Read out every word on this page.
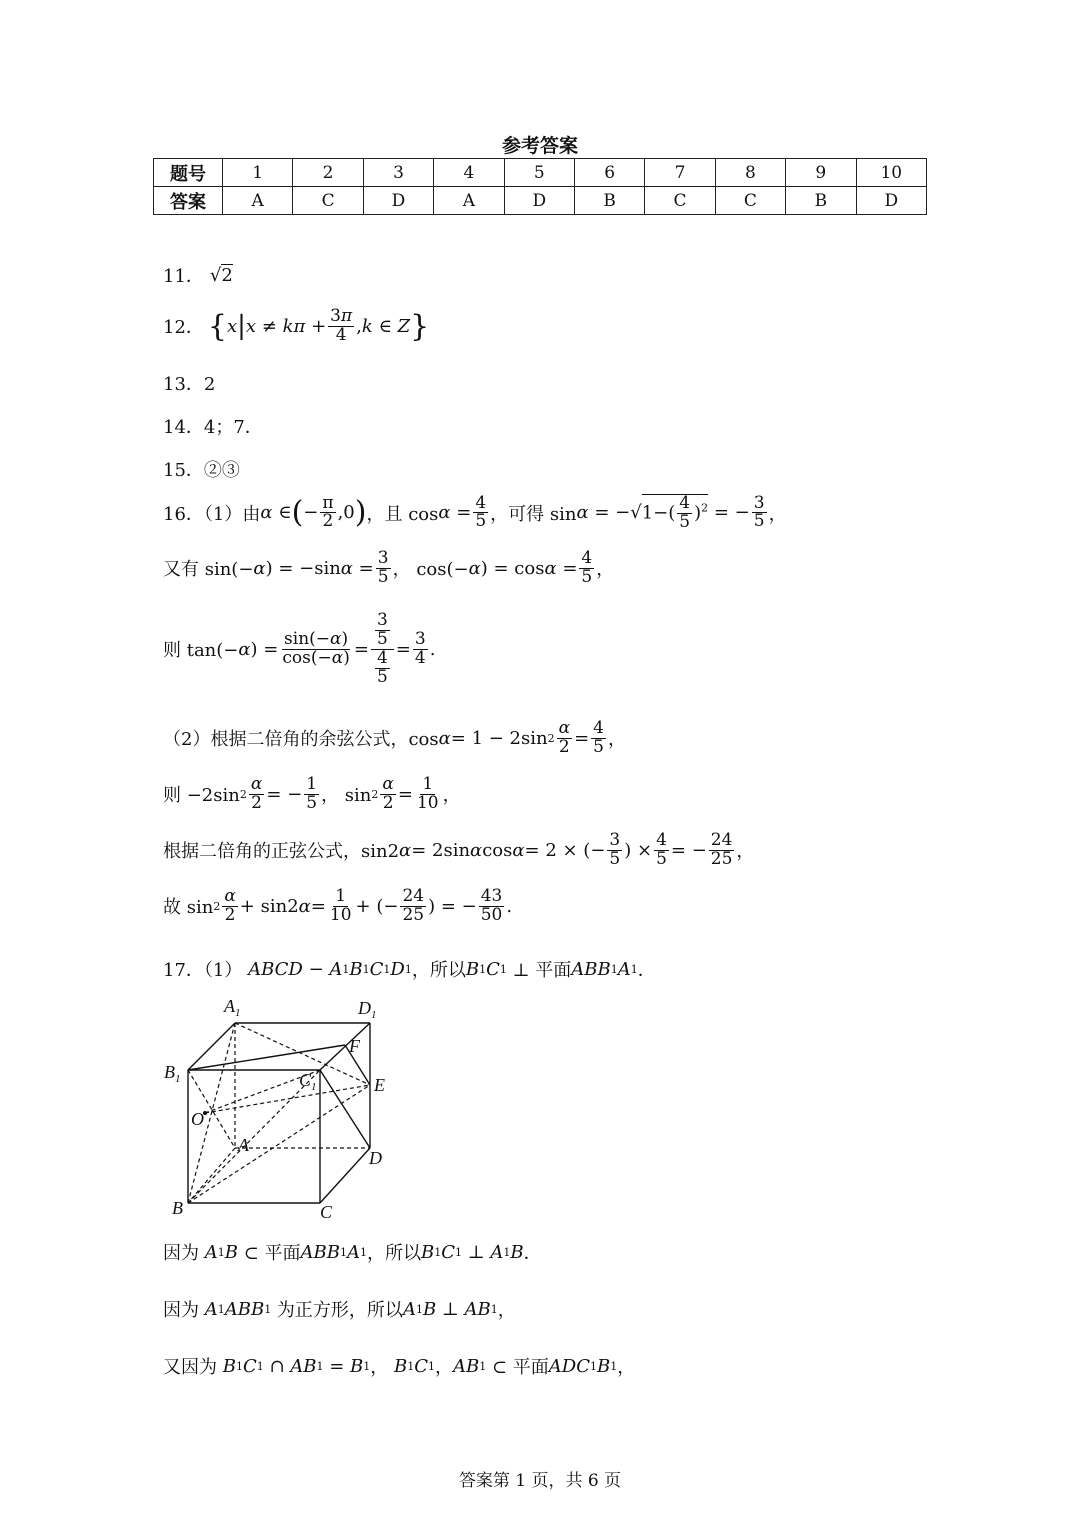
参考答案
题号	1	2	3	4	5	6	7	8	9	10
答案	A	C	D	A	D	B	C	C	B	D
11． √2
12． { x | $x \ne k\pi + \frac{3\pi}{4}$ , k ∈ Z }
13．2
14．4；7．
15．②③
16．（1）由 α ∈ ( − $\frac{\pi}{2} ,0$ ) ，且 $\cos \alpha = \frac{4}{5}$ ，可得 sin α = −√ $1-( \frac{4}{5} )^2$ = − $\frac{3}{5}$ ，
又有 sin(− α ) = −sin $\alpha = \frac{3}{5}$ ， cos(− α ) = $\cos \alpha = \frac{4}{5}$ ，
则 tan(− α ) = $\frac{\sin(-\alpha)}{\cos(-\alpha)} = \frac{\frac{3}{5}}{\frac{4}{5}} = \frac{3}{4}$ .
（2）根据二倍角的余弦公式，cos α = 1 − 2sin $2 \frac{\alpha}{2} = \frac{4}{5}$ ，
则 −2sin $2 \frac{\alpha}{2}$ = − $\frac{1}{5}$ ， $\sin 2 \frac{\alpha}{2} = \frac{1}{10}$ ，
根据二倍角的正弦公式，sin2 α = 2sin α cos α = 2 × (− $\frac{3}{5}$ ) × $\frac{4}{5}$ = − $\frac{24}{25}$ ，
故 $\sin 2 \frac{\alpha}{2} + \sin 2$ $\alpha = \frac{1}{10}$ + (− $\frac{24}{25}$ ) = − $\frac{43}{50}$ .
17．（1）
ABCD − A 1 B 1 C 1 D 1 ，所以 B 1 C 1 ⊥ 平面 ABB 1 A 1 ．
$A_1$	$D_1$
$B_1$
F
$C_1$	E
O
A
D
B	C
因为
A 1 B ⊂ 平面 ABB 1 A 1 ，所以 B 1 C 1 ⊥ A 1 B ．
因为
A 1 ABB 1 为正方形，所以 A 1 B ⊥ AB 1 ，
又因为
B 1 C 1 ∩ AB 1 = B 1 ， B 1 C 1 ， AB 1 ⊂ 平面 ADC 1 B 1 ，
答案第 1 页，共 6 页
